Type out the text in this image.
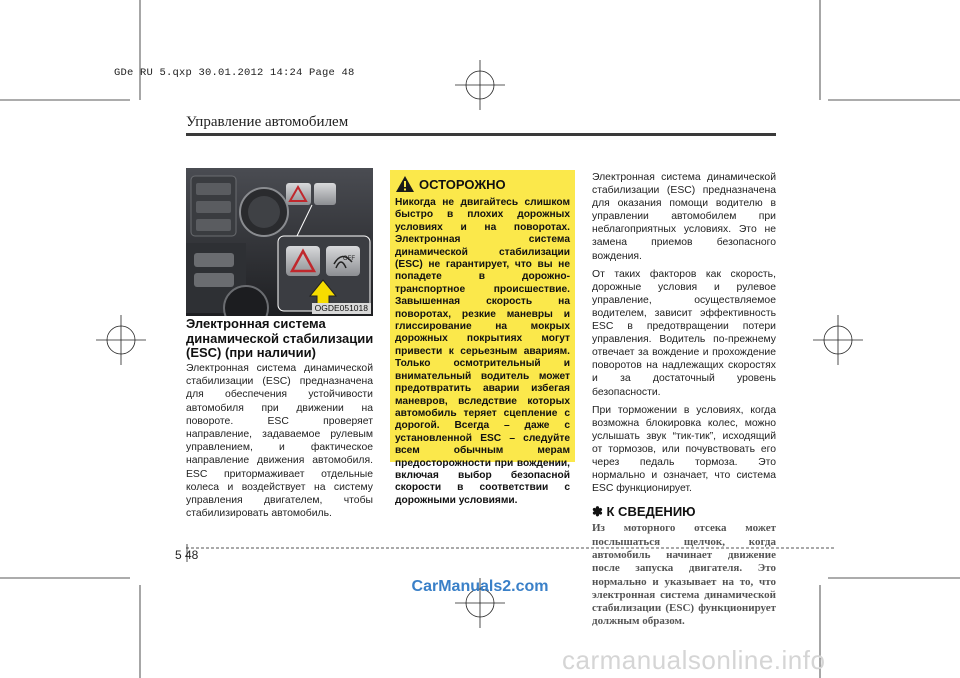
GDe RU 5.qxp 30.01.2012 14:24 Page 48
Управление автомобилем
OFF
OGDE051018
Электронная система динамической стабилизации (ESC) (при наличии)
Электронная система динамической стабилизации (ESC) предназначена для обеспечения устойчивости автомобиля при движении на повороте. ESC проверяет направление, задаваемое рулевым управлением, и фактическое направление движения автомобиля. ESC притормаживает отдельные колеса и воздействует на систему управления двигателем, чтобы стабилизировать автомобиль.
ОСТОРОЖНО
Никогда не двигайтесь слишком быстро в плохих дорожных условиях и на поворотах. Электронная система динамической стабилизации (ESC) не гарантирует, что вы не попадете в дорожно-транспортное происшествие. Завышенная скорость на поворотах, резкие маневры и глиссирование на мокрых дорожных покрытиях могут привести к серьезным авариям. Только осмотрительный и внимательный водитель может предотвратить аварии избегая маневров, вследствие которых автомобиль теряет сцепление с дорогой. Всегда – даже с установленной ESC – следуйте всем обычным мерам предосторожности при вождении, включая выбор безопасной скорости в соответствии с дорожными условиями.

Электронная система динамической стабилизации (ESC) предназначена для оказания помощи водителю в управлении автомобилем при неблагоприятных условиях. Это не замена приемов безопасного вождения.

От таких факторов как скорость, дорожные условия и рулевое управление, осуществляемое водителем, зависит эффективность ESC в предотвращении потери управления. Водитель по-прежнему отвечает за вождение и прохождение поворотов на надлежащих скоростях и за достаточный уровень безопасности.

При торможении в условиях, когда возможна блокировка колес, можно услышать звук “тик-тик”, исходящий от тормозов, или почувствовать его через педаль тормоза. Это нормально и означает, что система ESC функционирует.

✽ К СВЕДЕНИЮ
Из моторного отсека может послышаться щелчок, когда автомобиль начинает движение после запуска двигателя. Это нормально и указывает на то, что электронная система динамической стабилизации (ESC) функционирует должным образом.
5 48
CarManuals2.com
carmanualsonline.info
